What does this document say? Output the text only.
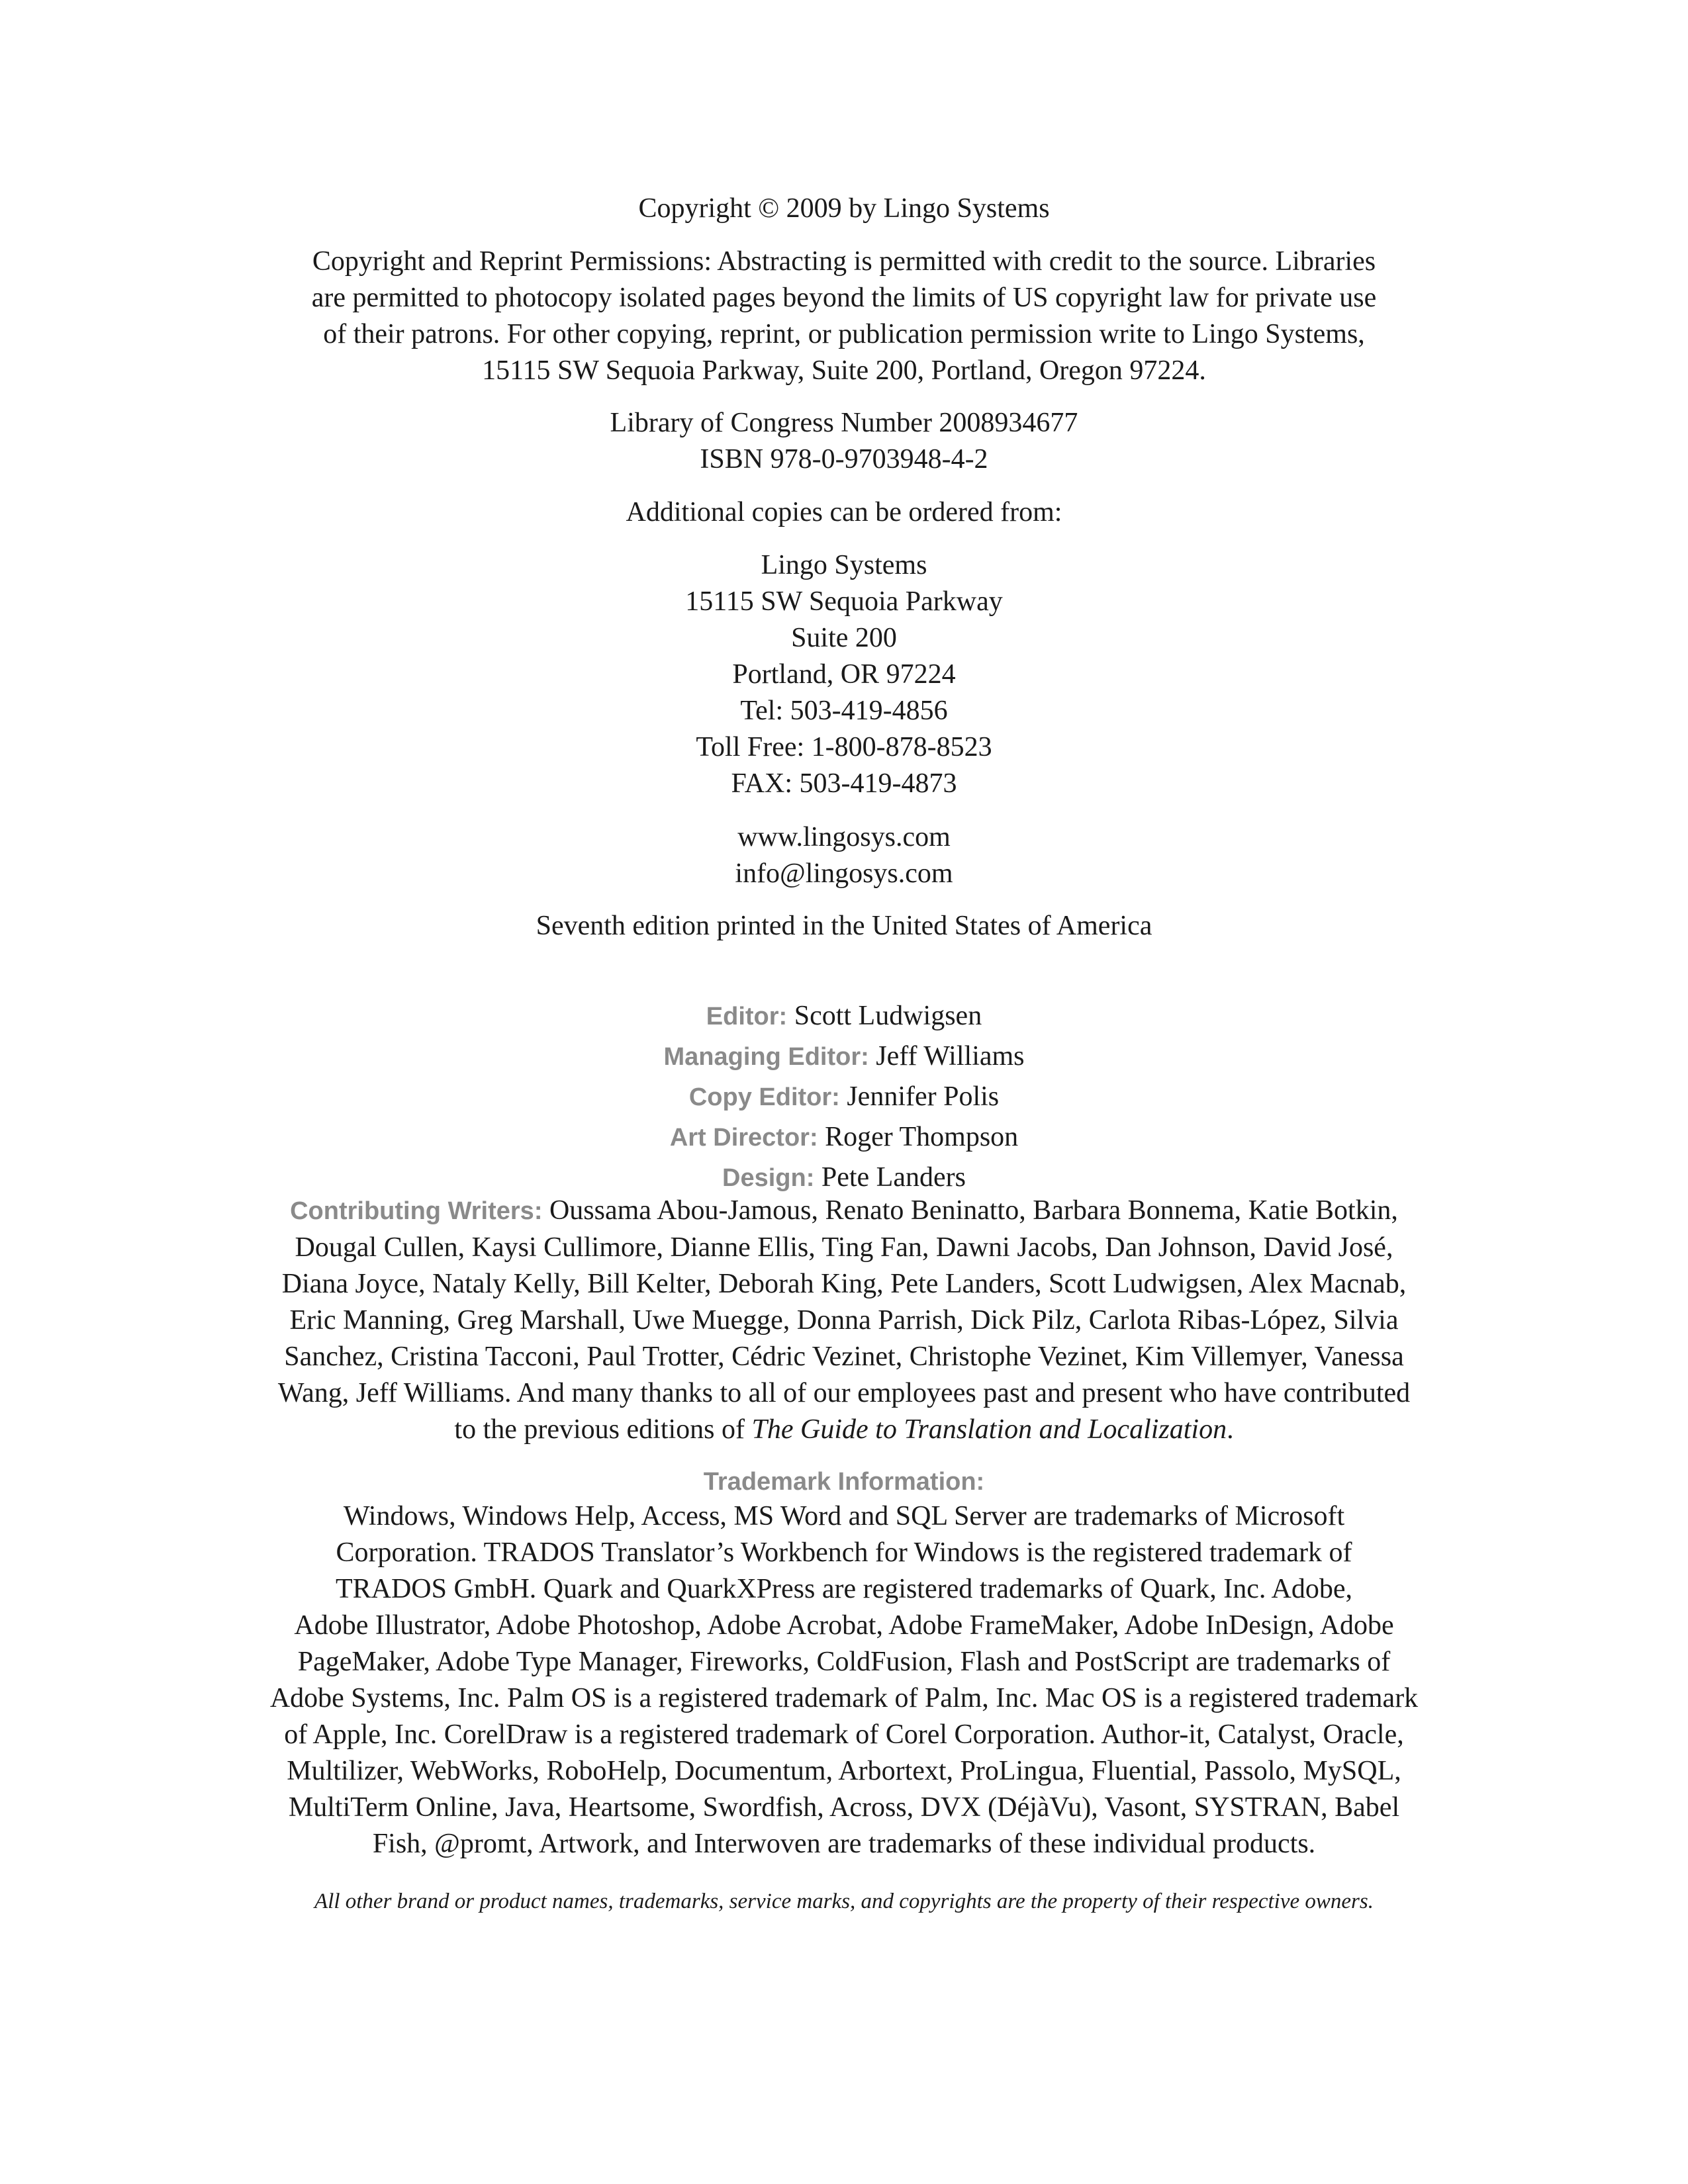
Copyright © 2009 by Lingo Systems
Copyright and Reprint Permissions: Abstracting is permitted with credit to the source. Libraries
are permitted to photocopy isolated pages beyond the limits of US copyright law for private use
of their patrons. For other copying, reprint, or publication permission write to Lingo Systems,
15115 SW Sequoia Parkway, Suite 200, Portland, Oregon 97224.
Library of Congress Number 2008934677
ISBN 978-0-9703948-4-2
Additional copies can be ordered from:
Lingo Systems
15115 SW Sequoia Parkway
Suite 200
Portland, OR 97224
Tel: 503-419-4856
Toll Free: 1-800-878-8523
FAX: 503-419-4873
www.lingosys.com
info@lingosys.com
Seventh edition printed in the United States of America
Editor: Scott Ludwigsen
Managing Editor: Jeff Williams
Copy Editor: Jennifer Polis
Art Director: Roger Thompson
Design: Pete Landers
Contributing Writers: Oussama Abou-Jamous, Renato Beninatto, Barbara Bonnema, Katie Botkin,
Dougal Cullen, Kaysi Cullimore, Dianne Ellis, Ting Fan, Dawni Jacobs, Dan Johnson, David José,
Diana Joyce, Nataly Kelly, Bill Kelter, Deborah King, Pete Landers, Scott Ludwigsen, Alex Macnab,
Eric Manning, Greg Marshall, Uwe Muegge, Donna Parrish, Dick Pilz, Carlota Ribas-López, Silvia
Sanchez, Cristina Tacconi, Paul Trotter, Cédric Vezinet, Christophe Vezinet, Kim Villemyer, Vanessa
Wang, Jeff Williams. And many thanks to all of our employees past and present who have contributed
to the previous editions of The Guide to Translation and Localization.
Trademark Information:
Windows, Windows Help, Access, MS Word and SQL Server are trademarks of Microsoft
Corporation. TRADOS Translator’s Workbench for Windows is the registered trademark of
TRADOS GmbH. Quark and QuarkXPress are registered trademarks of Quark, Inc. Adobe,
Adobe Illustrator, Adobe Photoshop, Adobe Acrobat, Adobe FrameMaker, Adobe InDesign, Adobe
PageMaker, Adobe Type Manager, Fireworks, ColdFusion, Flash and PostScript are trademarks of
Adobe Systems, Inc. Palm OS is a registered trademark of Palm, Inc. Mac OS is a registered trademark
of Apple, Inc. CorelDraw is a registered trademark of Corel Corporation. Author-it, Catalyst, Oracle,
Multilizer, WebWorks, RoboHelp, Documentum, Arbortext, ProLingua, Fluential, Passolo, MySQL,
MultiTerm Online, Java, Heartsome, Swordfish, Across, DVX (DéjàVu), Vasont, SYSTRAN, Babel
Fish, @promt, Artwork, and Interwoven are trademarks of these individual products.
All other brand or product names, trademarks, service marks, and copyrights are the property of their respective owners.
